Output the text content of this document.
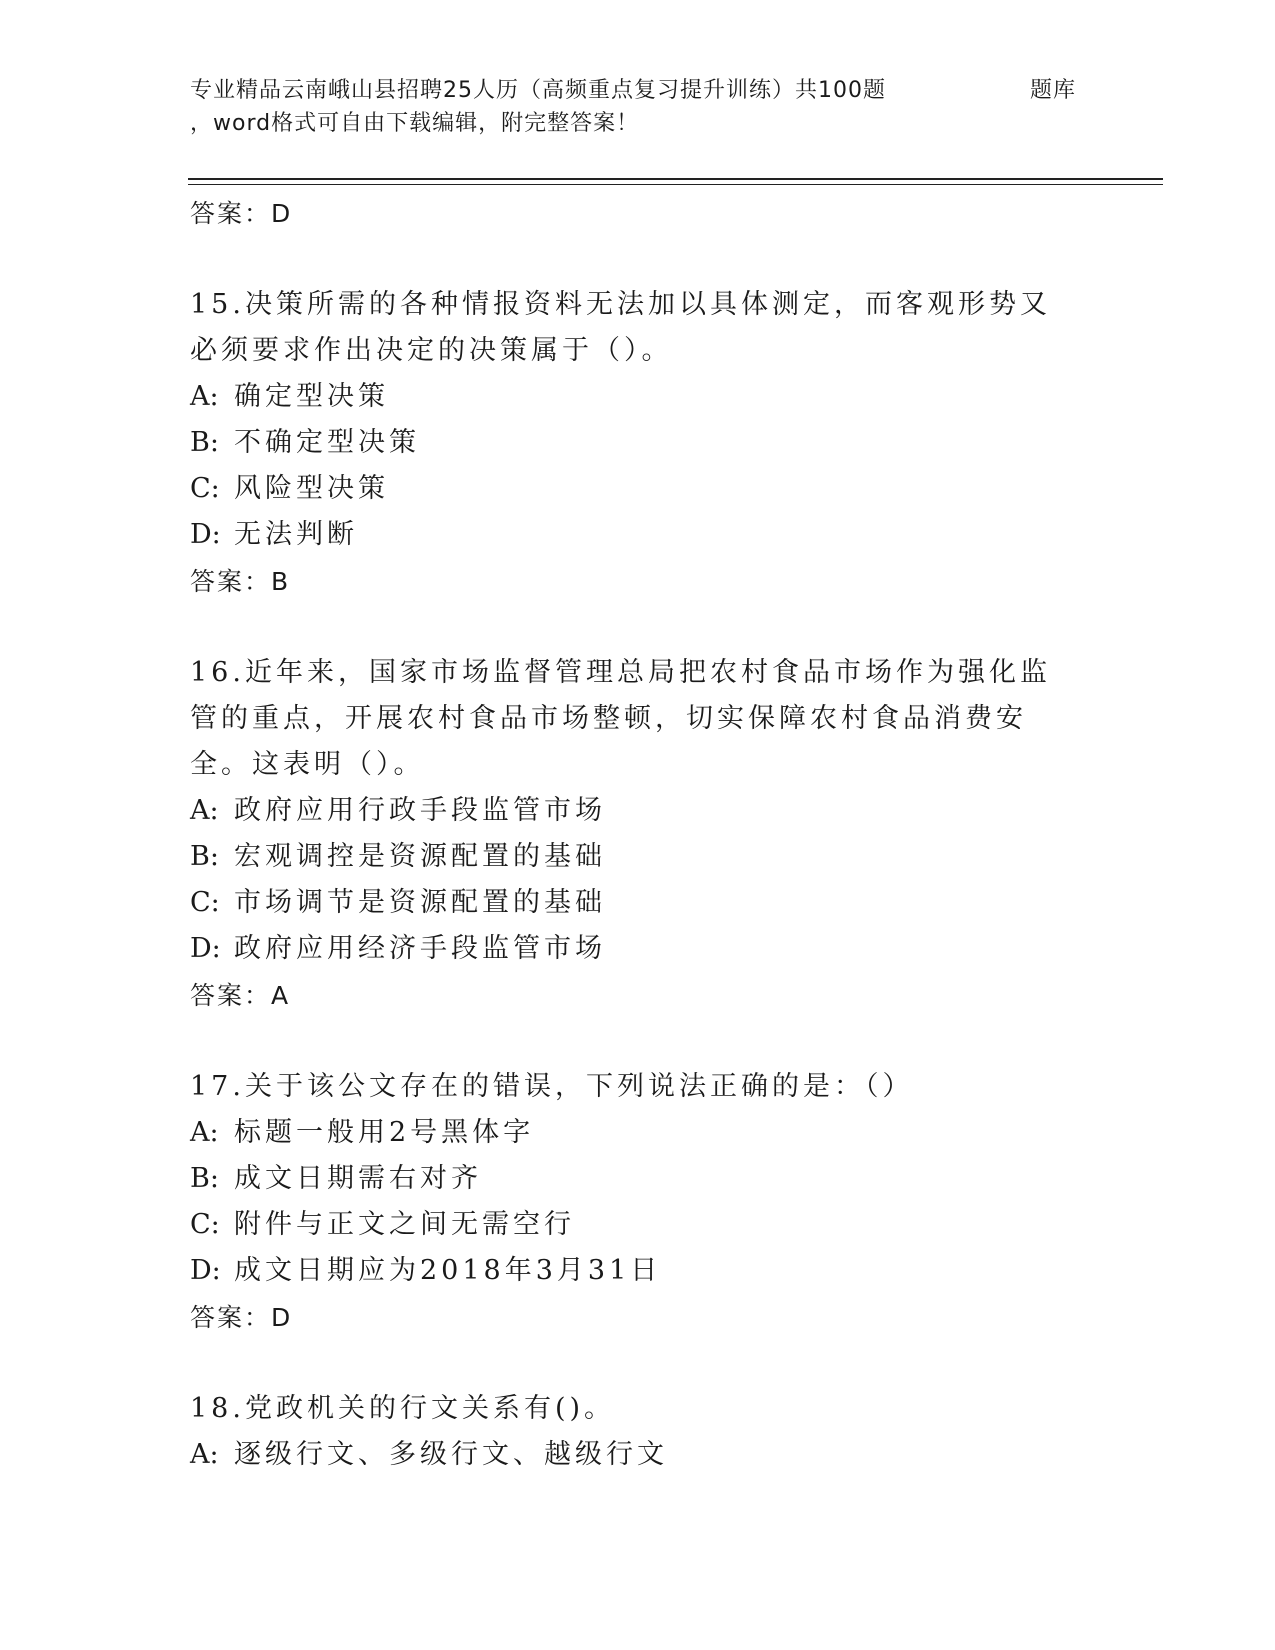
专业精品云南峨山县招聘25人历（高频重点复习提升训练）共100题
，word格式可自由下载编辑，附完整答案！
题库
答案：D
15.决策所需的各种情报资料无法加以具体测定，而客观形势又必须要求作出决定的决策属于（）。
A: 确定型决策
B: 不确定型决策
C: 风险型决策
D: 无法判断
答案：B
16.近年来，国家市场监督管理总局把农村食品市场作为强化监管的重点，开展农村食品市场整顿，切实保障农村食品消费安全。这表明（）。
A: 政府应用行政手段监管市场
B: 宏观调控是资源配置的基础
C: 市场调节是资源配置的基础
D: 政府应用经济手段监管市场
答案：A
17.关于该公文存在的错误，下列说法正确的是：（）
A: 标题一般用2号黑体字
B: 成文日期需右对齐
C: 附件与正文之间无需空行
D: 成文日期应为2018年3月31日
答案：D
18.党政机关的行文关系有()。
A: 逐级行文、多级行文、越级行文
